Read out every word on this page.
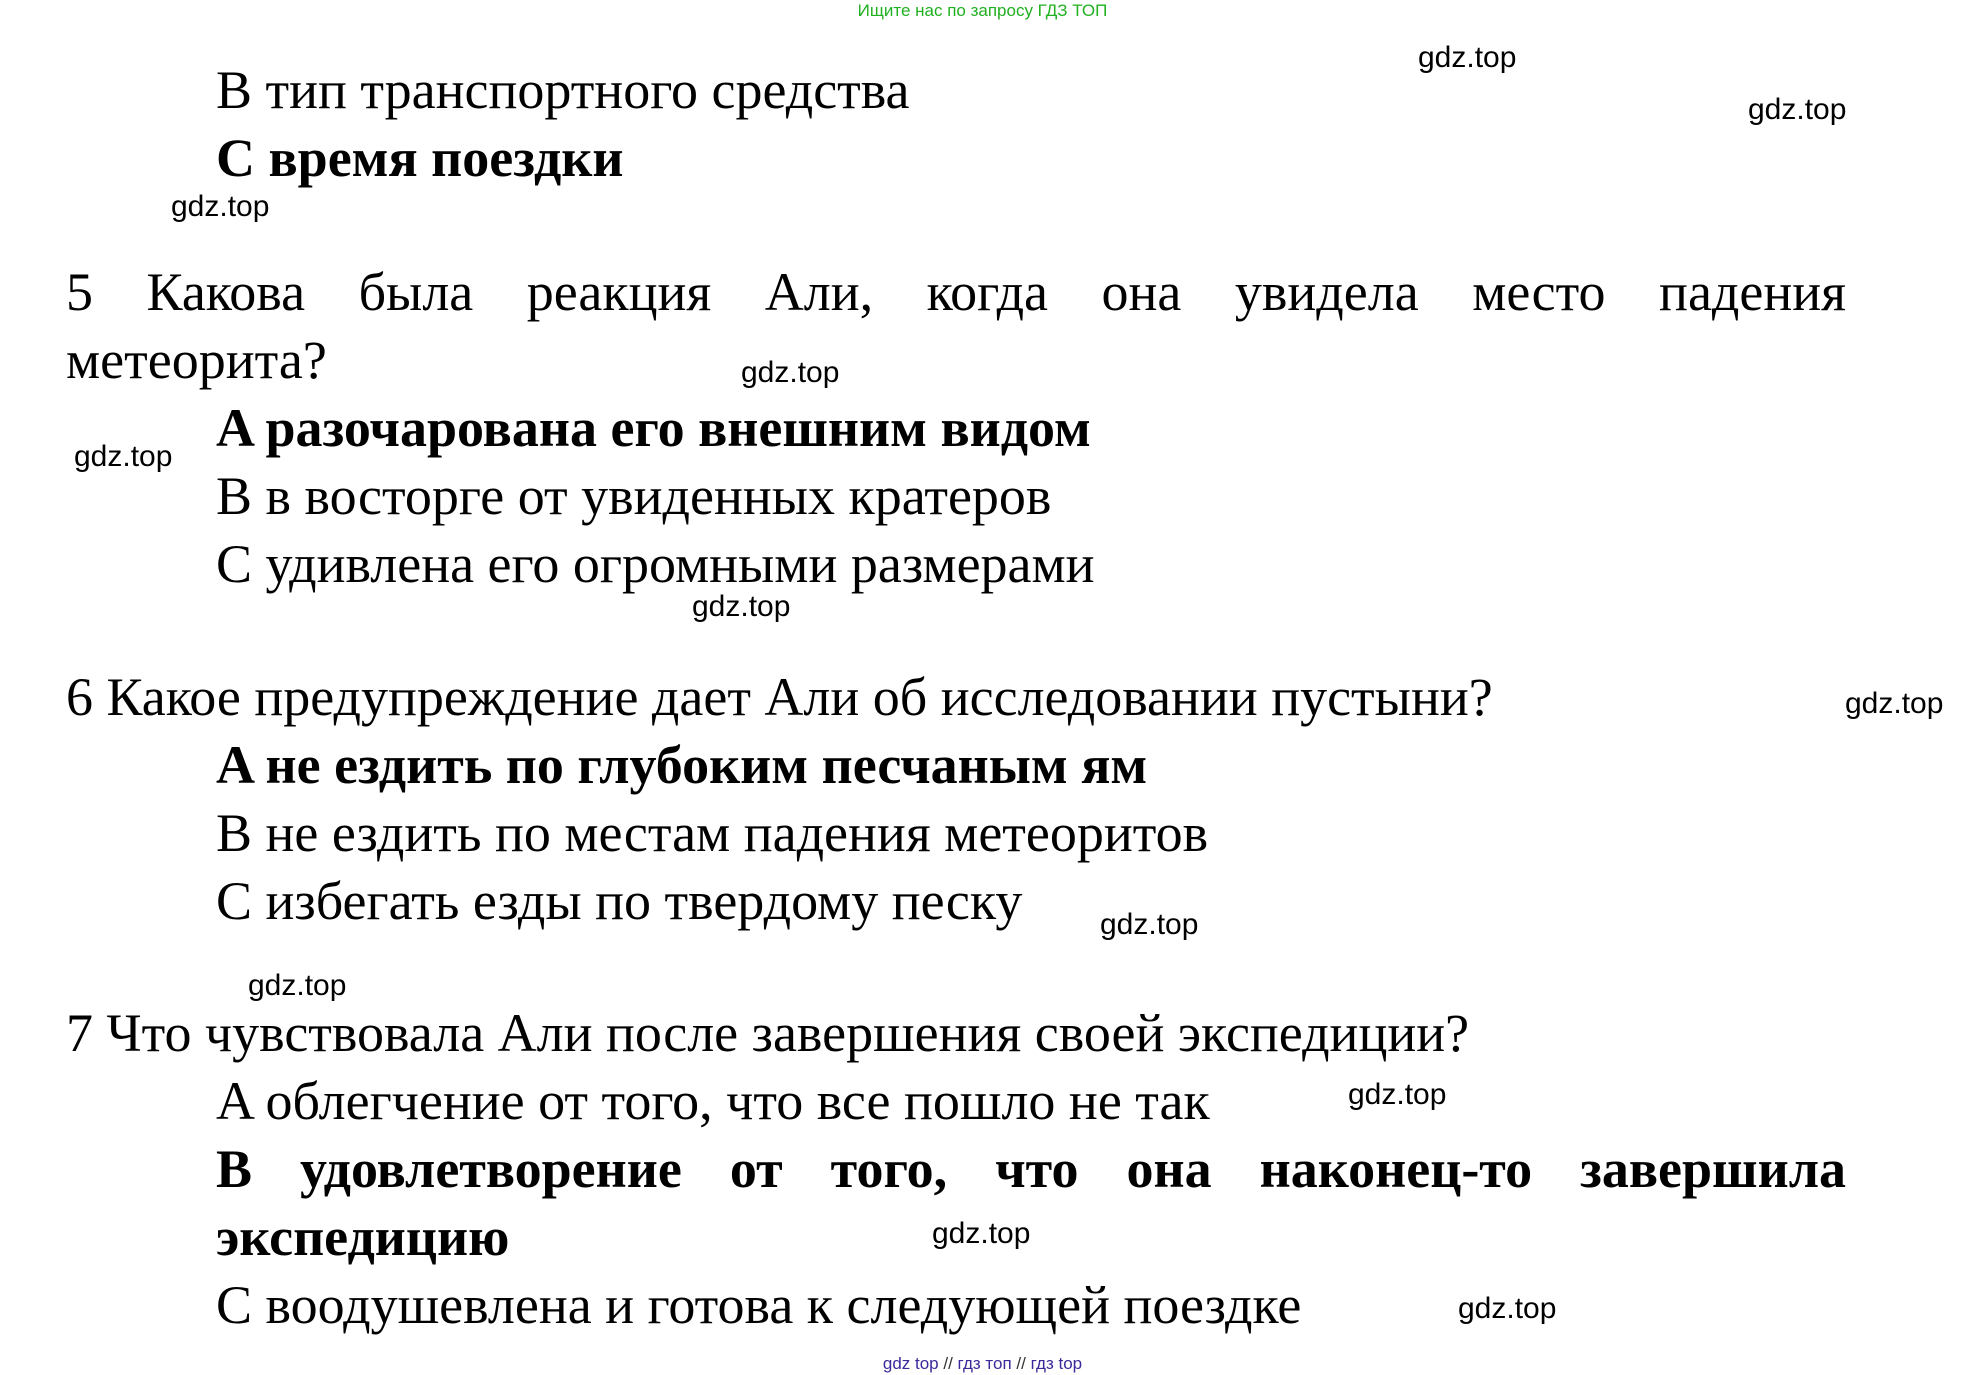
Ищите нас по запросу ГДЗ ТОП
B тип транспортного средства
C время поездки
5 Какова была реакция Али, когда она увидела место падения
метеорита?
A разочарована его внешним видом
B в восторге от увиденных кратеров
C удивлена его огромными размерами
6 Какое предупреждение дает Али об исследовании пустыни?
A не ездить по глубоким песчаным ям
B не ездить по местам падения метеоритов
C избегать езды по твердому песку
7 Что чувствовала Али после завершения своей экспедиции?
A облегчение от того, что все пошло не так
B удовлетворение от того, что она наконец-то завершила
экспедицию
C воодушевлена и готова к следующей поездке
gdz.top
gdz.top
gdz.top
gdz.top
gdz.top
gdz.top
gdz.top
gdz.top
gdz.top
gdz.top
gdz.top
gdz.top
gdz top // гдз топ // гдз top
